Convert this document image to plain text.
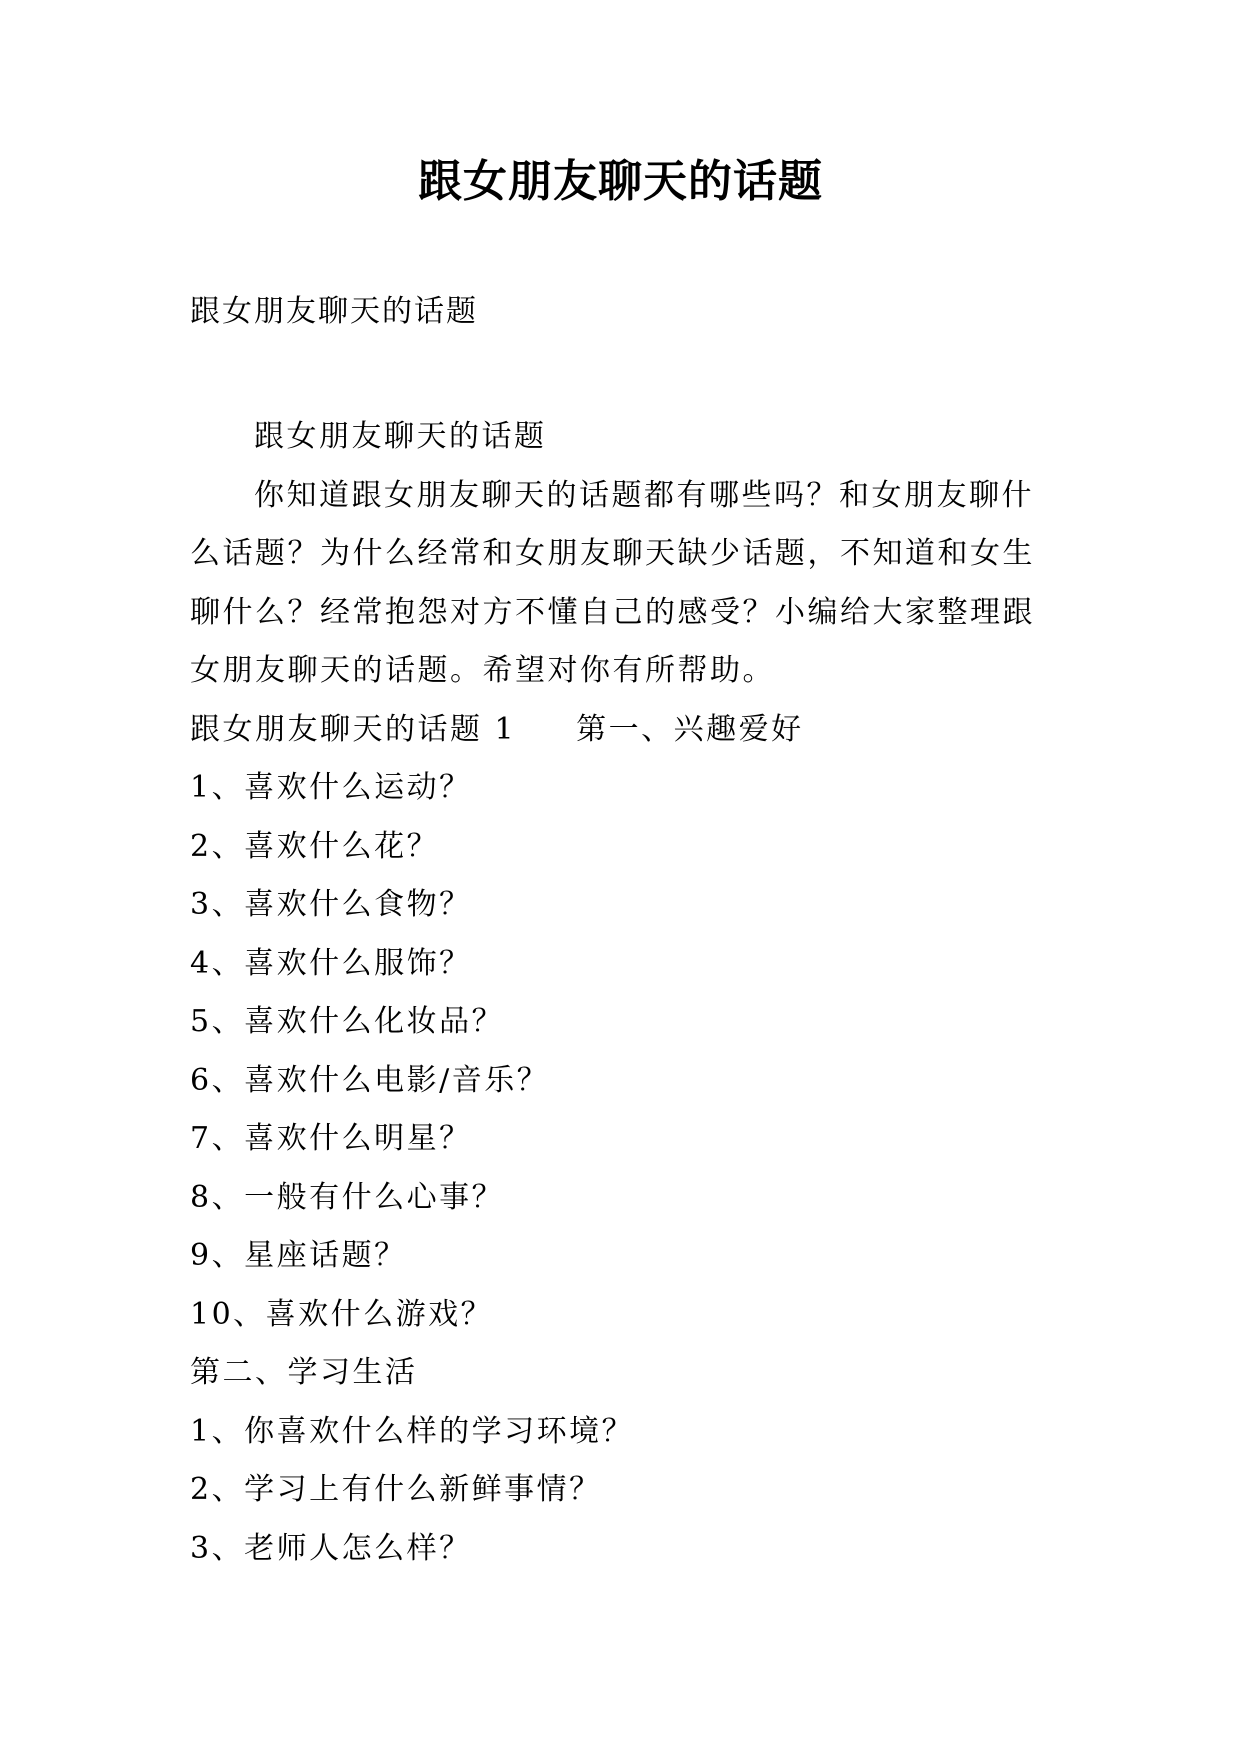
跟女朋友聊天的话题
跟女朋友聊天的话题

跟女朋友聊天的话题

你知道跟女朋友聊天的话题都有哪些吗？和女朋友聊什么话题？为什么经常和女朋友聊天缺少话题，不知道和女生聊什么？经常抱怨对方不懂自己的感受？小编给大家整理跟女朋友聊天的话题。希望对你有所帮助。

跟女朋友聊天的话题 1 第一、兴趣爱好

1、喜欢什么运动？

2、喜欢什么花？

3、喜欢什么食物？

4、喜欢什么服饰？

5、喜欢什么化妆品？

6、喜欢什么电影/音乐？

7、喜欢什么明星？

8、一般有什么心事？

9、星座话题？

10、喜欢什么游戏？

第二、学习生活

1、你喜欢什么样的学习环境？

2、学习上有什么新鲜事情？

3、老师人怎么样？
